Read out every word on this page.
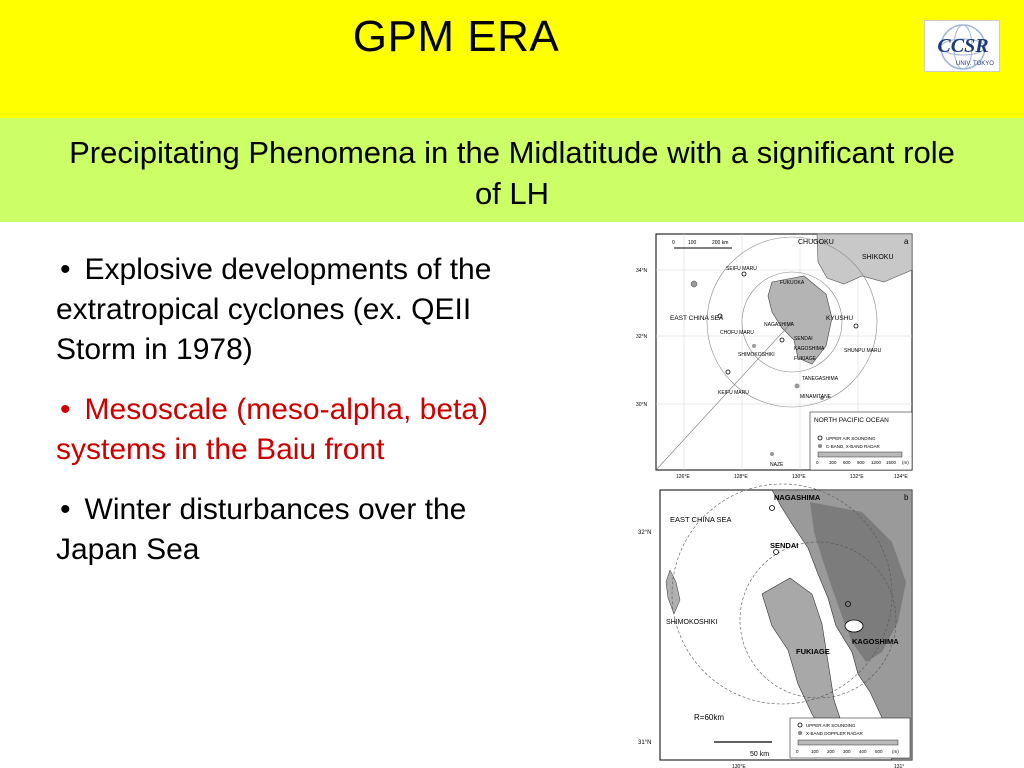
GPM ERA	CCSR
UNIV. TOKYO
Precipitating Phenomena in the Midlatitude with a significant role of LH
• Explosive developments of the extratropical cyclones (ex. QEII Storm in 1978)
• Mesoscale (meso-alpha, beta) systems in the Baiu front
• Winter disturbances over the Japan Sea
CHUGOKU
SHIKOKU
SEIFU MARU
FUKUOKA
EAST CHINA SEA	KYUSHU
CHOFU MARU
NAGASHIMA
SENDAI
SHIMOKOSHIKI
KAGOSHIMA
FUKIAGE
SHUNPU MARU
TANEGASHIMA
KEIFU MARU
MINAMITANE
NORTH PACIFIC OCEAN
NAZE
a
0	100	200 km
34°N
32°N
30°N
126°E	128°E	130°E	132°E	134°E
UPPER AIR SOUNDING
C-BAND, X-BAND RADAR
0 300 600 900 1200 1500 (m)
NAGASHIMA
EAST CHINA SEA
SENDAI
SHIMOKOSHIKI
KAGOSHIMA
FUKIAGE
b
32°N
31°N
R=60km
50 km
130°E	131°
UPPER AIR SOUNDING
X-BAND DOPPLER RADAR
0	100 200 300 400 500 (m)
